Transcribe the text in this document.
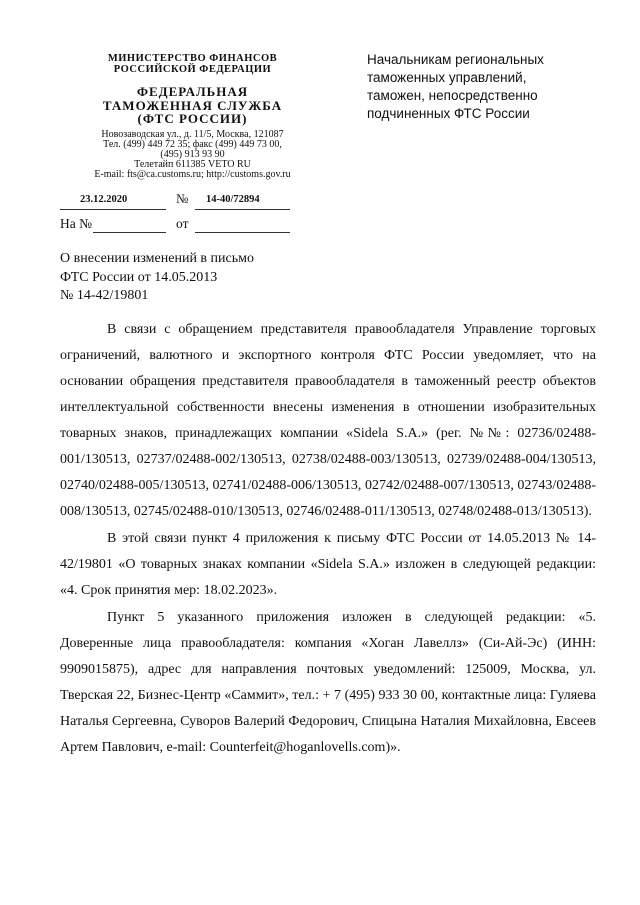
МИНИСТЕРСТВО ФИНАНСОВ
РОССИЙСКОЙ ФЕДЕРАЦИИ
ФЕДЕРАЛЬНАЯ
ТАМОЖЕННАЯ СЛУЖБА
(ФТС РОССИИ)
Новозаводская ул., д. 11/5, Москва, 121087
Тел. (499) 449 72 35; факс (499) 449 73 00,
(495) 913 93 90
Телетайп 611385 VETO RU
E-mail: fts@ca.customs.ru; http://customs.gov.ru
23.12.2020	№ 14-40/72894
На №	от
Начальникам региональных
таможенных управлений,
таможен, непосредственно
подчиненных ФТС России
О внесении изменений в письмо
ФТС России от 14.05.2013
№ 14-42/19801

В связи с обращением представителя правообладателя Управление торговых ограничений, валютного и экспортного контроля ФТС России уведомляет, что на основании обращения представителя правообладателя в таможенный реестр объектов интеллектуальной собственности внесены изменения в отношении изобразительных товарных знаков, принадлежащих компании «Sidela S.A.» (рег. №№: 02736/02488-001/130513, 02737/02488-002/130513, 02738/02488-003/130513, 02739/02488-004/130513, 02740/02488-005/130513, 02741/02488-006/130513, 02742/02488-007/130513, 02743/02488-008/130513, 02745/02488-010/130513, 02746/02488-011/130513, 02748/02488-013/130513).

В этой связи пункт 4 приложения к письму ФТС России от 14.05.2013 № 14-42/19801 «О товарных знаках компании «Sidela S.A.» изложен в следующей редакции: «4. Срок принятия мер: 18.02.2023».

Пункт 5 указанного приложения изложен в следующей редакции: «5. Доверенные лица правообладателя: компания «Хоган Лавеллз» (Си-Ай-Эс) (ИНН: 9909015875), адрес для направления почтовых уведомлений: 125009, Москва, ул. Тверская 22, Бизнес-Центр «Саммит», тел.: + 7 (495) 933 30 00, контактные лица: Гуляева Наталья Сергеевна, Суворов Валерий Федорович, Спицына Наталия Михайловна, Евсеев Артем Павлович, e-mail: Counterfeit@hoganlovells.com)».
